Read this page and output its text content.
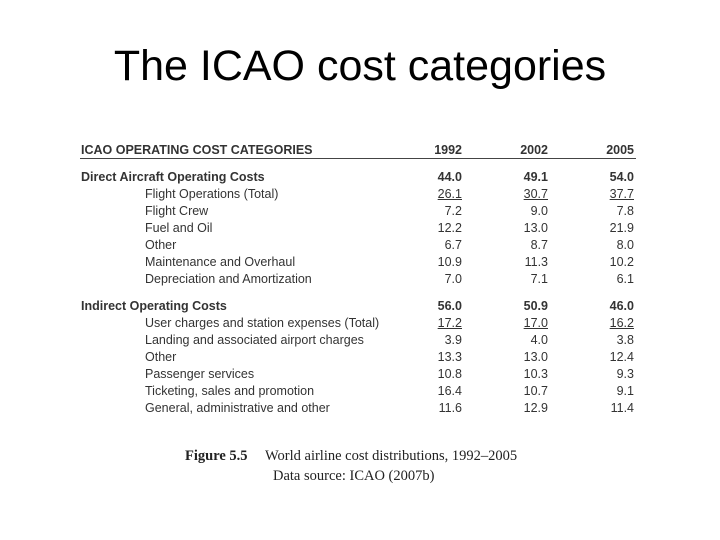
The ICAO cost categories
ICAO OPERATING COST CATEGORIES	1992	2002	2005
Direct Aircraft Operating Costs	44.0	49.1	54.0
Flight Operations (Total)	26.1	30.7	37.7
Flight Crew	7.2	9.0	7.8
Fuel and Oil	12.2	13.0	21.9
Other	6.7	8.7	8.0
Maintenance and Overhaul	10.9	11.3	10.2
Depreciation and Amortization	7.0	7.1	6.1
Indirect Operating Costs	56.0	50.9	46.0
User charges and station expenses (Total)	17.2	17.0	16.2
Landing and associated airport charges	3.9	4.0	3.8
Other	13.3	13.0	12.4
Passenger services	10.8	10.3	9.3
Ticketing, sales and promotion	16.4	10.7	9.1
General, administrative and other	11.6	12.9	11.4
Figure 5.5 World airline cost distributions, 1992–2005
Data source: ICAO (2007b)
